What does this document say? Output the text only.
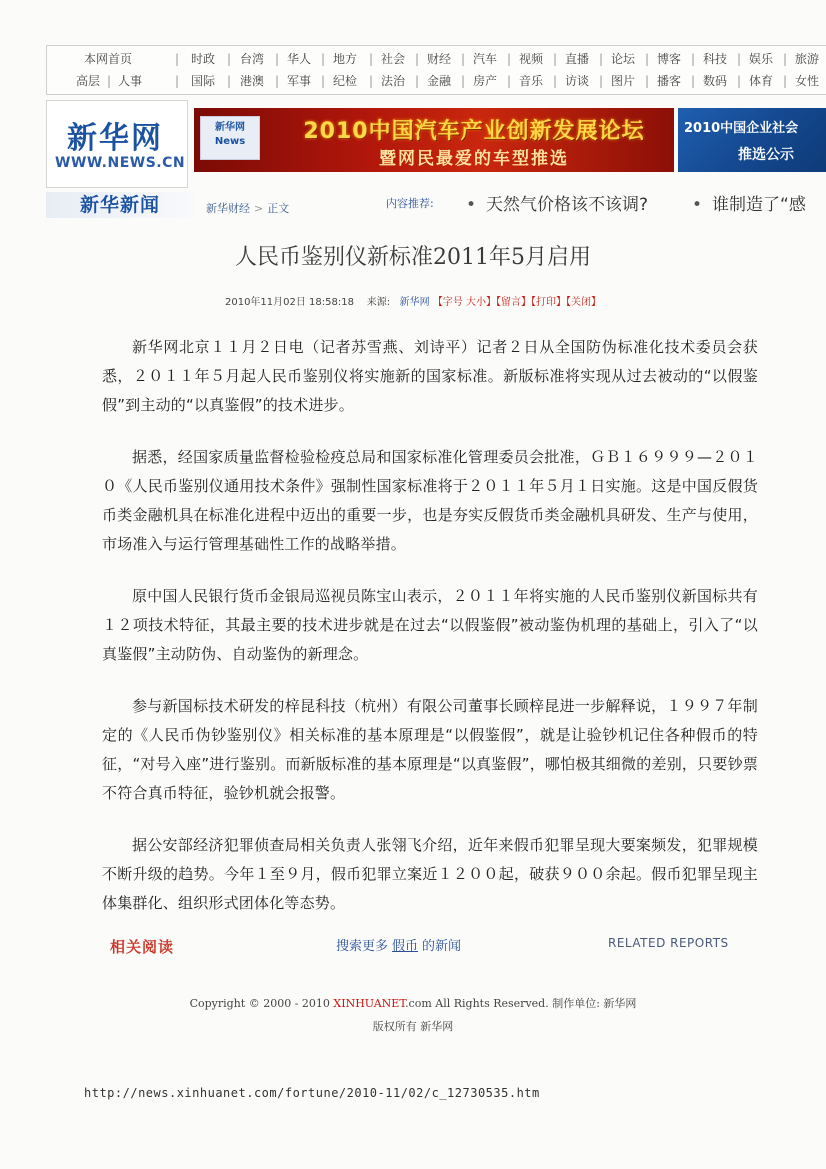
本网首页	| 时政 | 台湾 | 华人 | 地方 | 社会 | 财经 | 汽车 | 视频 | 直播 | 论坛 | 博客 | 科技 | 娱乐 | 旅游
高层 | 人事	| 国际 | 港澳 | 军事 | 纪检 | 法治 | 金融 | 房产 | 音乐 | 访谈 | 图片 | 播客 | 数码 | 体育 | 女性
新华网
WWW.NEWS.CN
新华网 News	2010中国汽车产业创新发展论坛
暨网民最爱的车型推选
2010中国企业社会
推选公示
新华新闻	新华财经 > 正文	内容推荐: • 天然气价格该不该调?	• 谁制造了“感
人民币鉴别仪新标准2011年5月启用
2010年11月02日 18:58:18 来源: 新华网 【字号 大小】【留言】【打印】【关闭】

新华网北京１１月２日电（记者苏雪燕、刘诗平）记者２日从全国防伪标准化技术委员会获悉，２０１１年５月起人民币鉴别仪将实施新的国家标准。新版标准将实现从过去被动的“以假鉴假”到主动的“以真鉴假”的技术进步。

据悉，经国家质量监督检验检疫总局和国家标准化管理委员会批准，ＧＢ１６９９９—２０１０《人民币鉴别仪通用技术条件》强制性国家标准将于２０１１年５月１日实施。这是中国反假货币类金融机具在标准化进程中迈出的重要一步，也是夯实反假货币类金融机具研发、生产与使用，市场准入与运行管理基础性工作的战略举措。

原中国人民银行货币金银局巡视员陈宝山表示，２０１１年将实施的人民币鉴别仪新国标共有１２项技术特征，其最主要的技术进步就是在过去“以假鉴假”被动鉴伪机理的基础上，引入了“以真鉴假”主动防伪、自动鉴伪的新理念。

参与新国标技术研发的梓昆科技（杭州）有限公司董事长顾梓昆进一步解释说，１９９７年制定的《人民币伪钞鉴别仪》相关标准的基本原理是“以假鉴假”，就是让验钞机记住各种假币的特征，“对号入座”进行鉴别。而新版标准的基本原理是“以真鉴假”，哪怕极其细微的差别，只要钞票不符合真币特征，验钞机就会报警。

据公安部经济犯罪侦查局相关负责人张翎飞介绍，近年来假币犯罪呈现大要案频发，犯罪规模不断升级的趋势。今年１至９月，假币犯罪立案近１２００起，破获９００余起。假币犯罪呈现主体集群化、组织形式团体化等态势。

相关阅读	搜索更多 假币 的新闻	RELATED REPORTS
Copyright © 2000 - 2010 XINHUANET.com All Rights Reserved. 制作单位: 新华网
版权所有 新华网
http://news.xinhuanet.com/fortune/2010-11/02/c_12730535.htm
